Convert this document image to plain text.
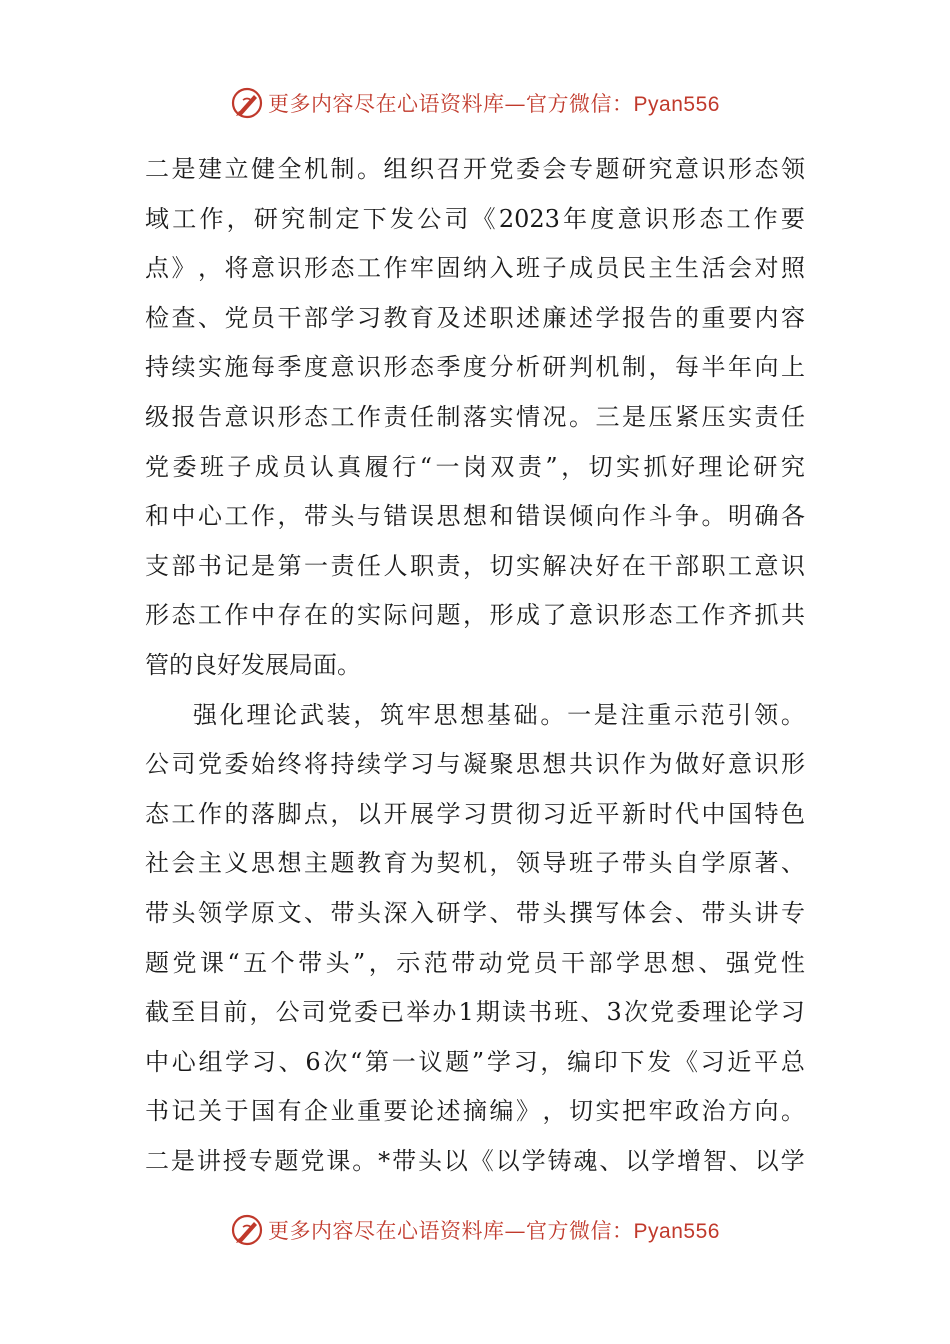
更多内容尽在心语资料库—官方微信：Pyan556
二 是 建 立 健 全 机 制 。 组 织 召 开 党 委 会 专 题 研 究 意 识 形 态 领
域 工 作 ， 研 究 制 定 下 发 公 司 《 2023 年 度 意 识 形 态 工 作 要
点 》 ， 将 意 识 形 态 工 作 牢 固 纳 入 班 子 成 员 民 主 生 活 会 对 照
检 查 、 党 员 干 部 学 习 教 育 及 述 职 述 廉 述 学 报 告 的 重 要 内 容
持 续 实 施 每 季 度 意 识 形 态 季 度 分 析 研 判 机 制 ， 每 半 年 向 上
级 报 告 意 识 形 态 工 作 责 任 制 落 实 情 况 。 三 是 压 紧 压 实 责 任
党 委 班 子 成 员 认 真 履 行 “ 一 岗 双 责 ” ， 切 实 抓 好 理 论 研 究
和 中 心 工 作 ， 带 头 与 错 误 思 想 和 错 误 倾 向 作 斗 争 。 明 确 各
支 部 书 记 是 第 一 责 任 人 职 责 ， 切 实 解 决 好 在 干 部 职 工 意 识
形 态 工 作 中 存 在 的 实 际 问 题 ， 形 成 了 意 识 形 态 工 作 齐 抓 共
管的良好发展局面。
强 化 理 论 武 装 ， 筑 牢 思 想 基 础 。 一 是 注 重 示 范 引 领 。
公 司 党 委 始 终 将 持 续 学 习 与 凝 聚 思 想 共 识 作 为 做 好 意 识 形
态 工 作 的 落 脚 点 ， 以 开 展 学 习 贯 彻 习 近 平 新 时 代 中 国 特 色
社 会 主 义 思 想 主 题 教 育 为 契 机 ， 领 导 班 子 带 头 自 学 原 著 、
带 头 领 学 原 文 、 带 头 深 入 研 学 、 带 头 撰 写 体 会 、 带 头 讲 专
题 党 课 “ 五 个 带 头 ” ， 示 范 带 动 党 员 干 部 学 思 想 、 强 党 性
截 至 目 前 ， 公 司 党 委 已 举 办 1 期 读 书 班 、 3 次 党 委 理 论 学 习
中 心 组 学 习 、 6 次 “ 第 一 议 题 ” 学 习 ， 编 印 下 发 《 习 近 平 总
书 记 关 于 国 有 企 业 重 要 论 述 摘 编 》 ， 切 实 把 牢 政 治 方 向 。
二 是 讲 授 专 题 党 课 。 * 带 头 以 《 以 学 铸 魂 、 以 学 增 智 、 以 学
更多内容尽在心语资料库—官方微信：Pyan556
